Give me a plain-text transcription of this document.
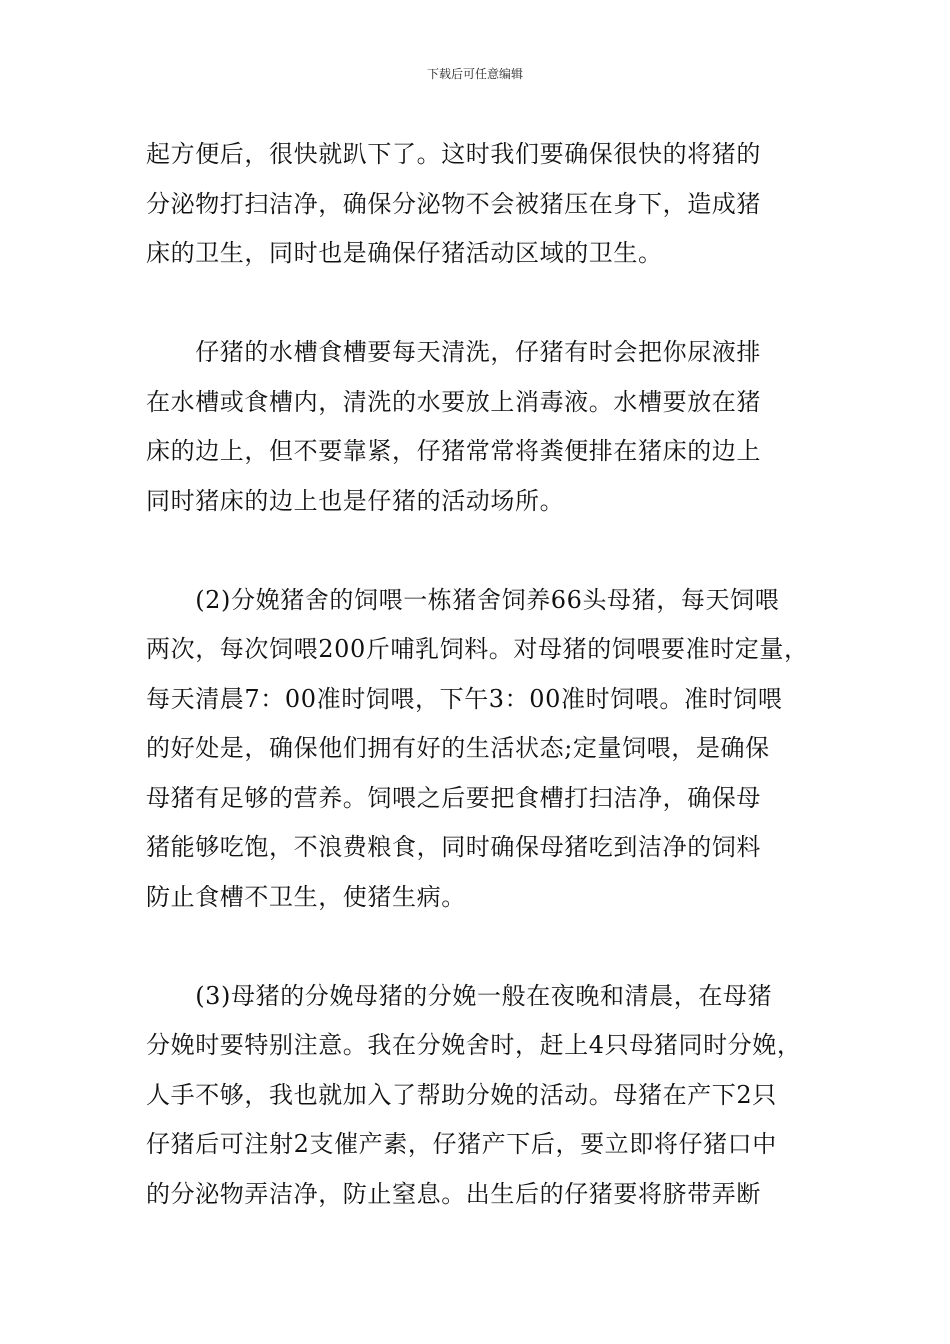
下载后可任意编辑
起方便后，很快就趴下了。这时我们要确保很快的将猪的
分泌物打扫洁净，确保分泌物不会被猪压在身下，造成猪
床的卫生，同时也是确保仔猪活动区域的卫生。
　　仔猪的水槽食槽要每天清洗，仔猪有时会把你尿液排
在水槽或食槽内，清洗的水要放上消毒液。水槽要放在猪
床的边上，但不要靠紧，仔猪常常将粪便排在猪床的边上
同时猪床的边上也是仔猪的活动场所。
　　(2)分娩猪舍的饲喂一栋猪舍饲养66头母猪，每天饲喂
两次，每次饲喂200斤哺乳饲料。对母猪的饲喂要准时定量，
每天清晨7：00准时饲喂，下午3：00准时饲喂。准时饲喂
的好处是，确保他们拥有好的生活状态;定量饲喂，是确保
母猪有足够的营养。饲喂之后要把食槽打扫洁净，确保母
猪能够吃饱，不浪费粮食，同时确保母猪吃到洁净的饲料
防止食槽不卫生，使猪生病。
　　(3)母猪的分娩母猪的分娩一般在夜晚和清晨，在母猪
分娩时要特别注意。我在分娩舍时，赶上4只母猪同时分娩，
人手不够，我也就加入了帮助分娩的活动。母猪在产下2只
仔猪后可注射2支催产素，仔猪产下后，要立即将仔猪口中
的分泌物弄洁净，防止窒息。出生后的仔猪要将脐带弄断
